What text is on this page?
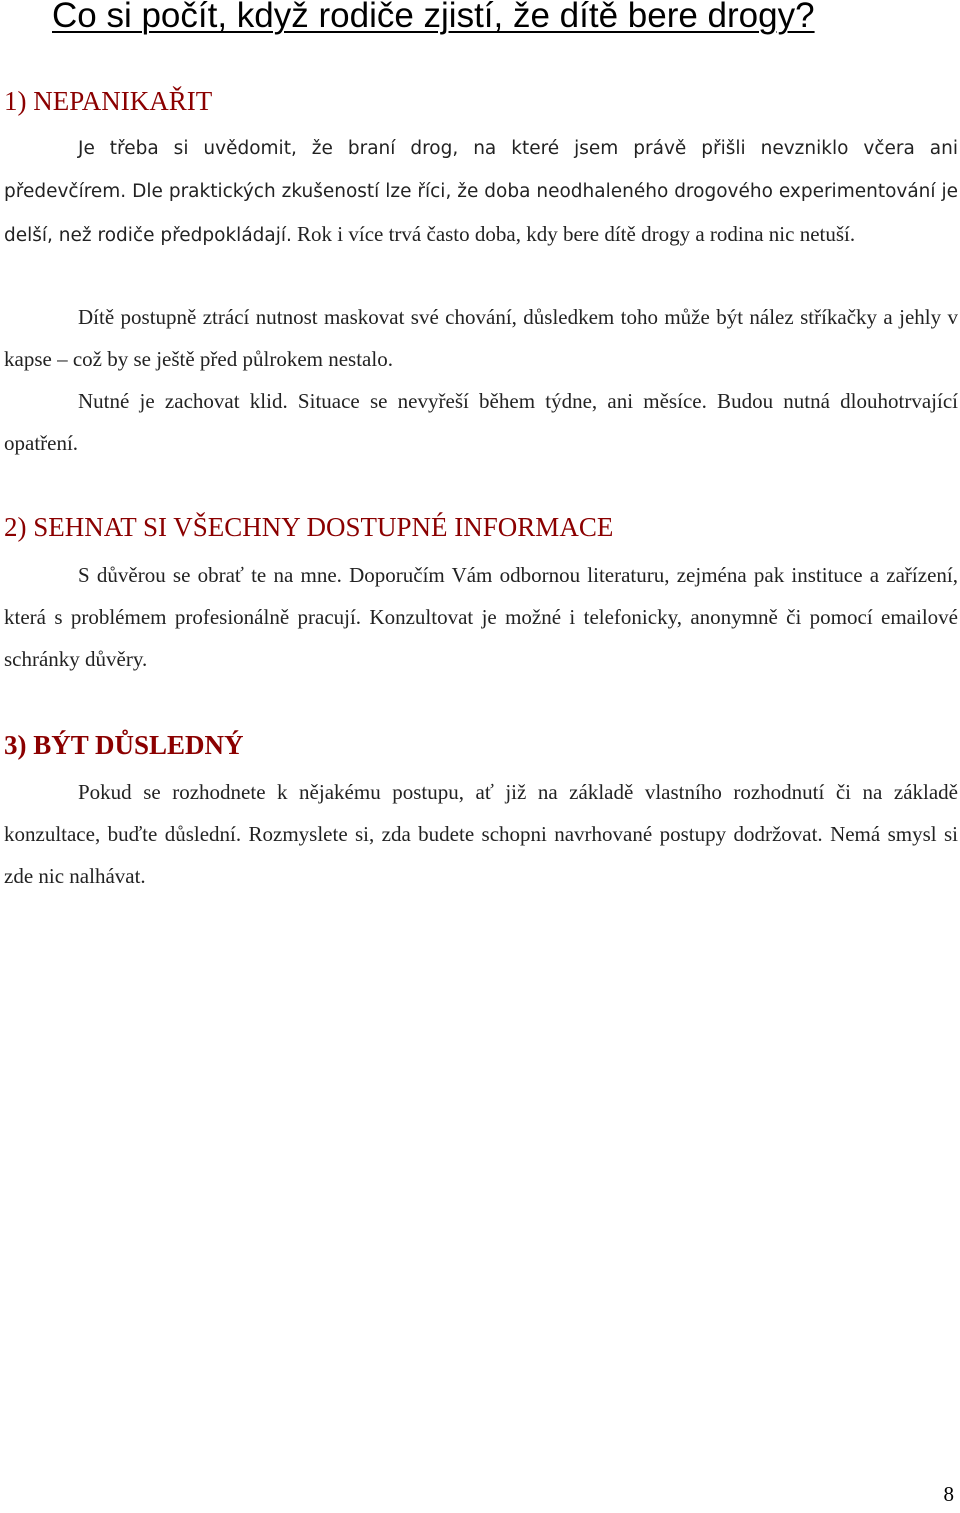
Co si počít, když rodiče zjistí, že dítě bere drogy?
1) NEPANIKAŘIT

Je třeba si uvědomit, že braní drog, na které jsem právě přišli nevzniklo včera ani předevčírem. Dle praktických zkušeností lze říci, že doba neodhaleného drogového experimentování je delší, než rodiče předpokládají. Rok i více trvá často doba, kdy bere dítě drogy a rodina nic netuší.

Dítě postupně ztrácí nutnost maskovat své chování, důsledkem toho může být nález stříkačky a jehly v kapse – což by se ještě před půlrokem nestalo.

Nutné je zachovat klid. Situace se nevyřeší během týdne, ani měsíce. Budou nutná dlouhotrvající opatření.

2) SEHNAT SI VŠECHNY DOSTUPNÉ INFORMACE

S důvěrou se obrať te na mne. Doporučím Vám odbornou literaturu, zejména pak instituce a zařízení, která s problémem profesionálně pracují. Konzultovat je možné i telefonicky, anonymně či pomocí emailové schránky důvěry.

3) BÝT DŮSLEDNÝ

Pokud se rozhodnete k nějakému postupu, ať již na základě vlastního rozhodnutí či na základě konzultace, buďte důslední. Rozmyslete si, zda budete schopni navrhované postupy dodržovat. Nemá smysl si zde nic nalhávat.

8
